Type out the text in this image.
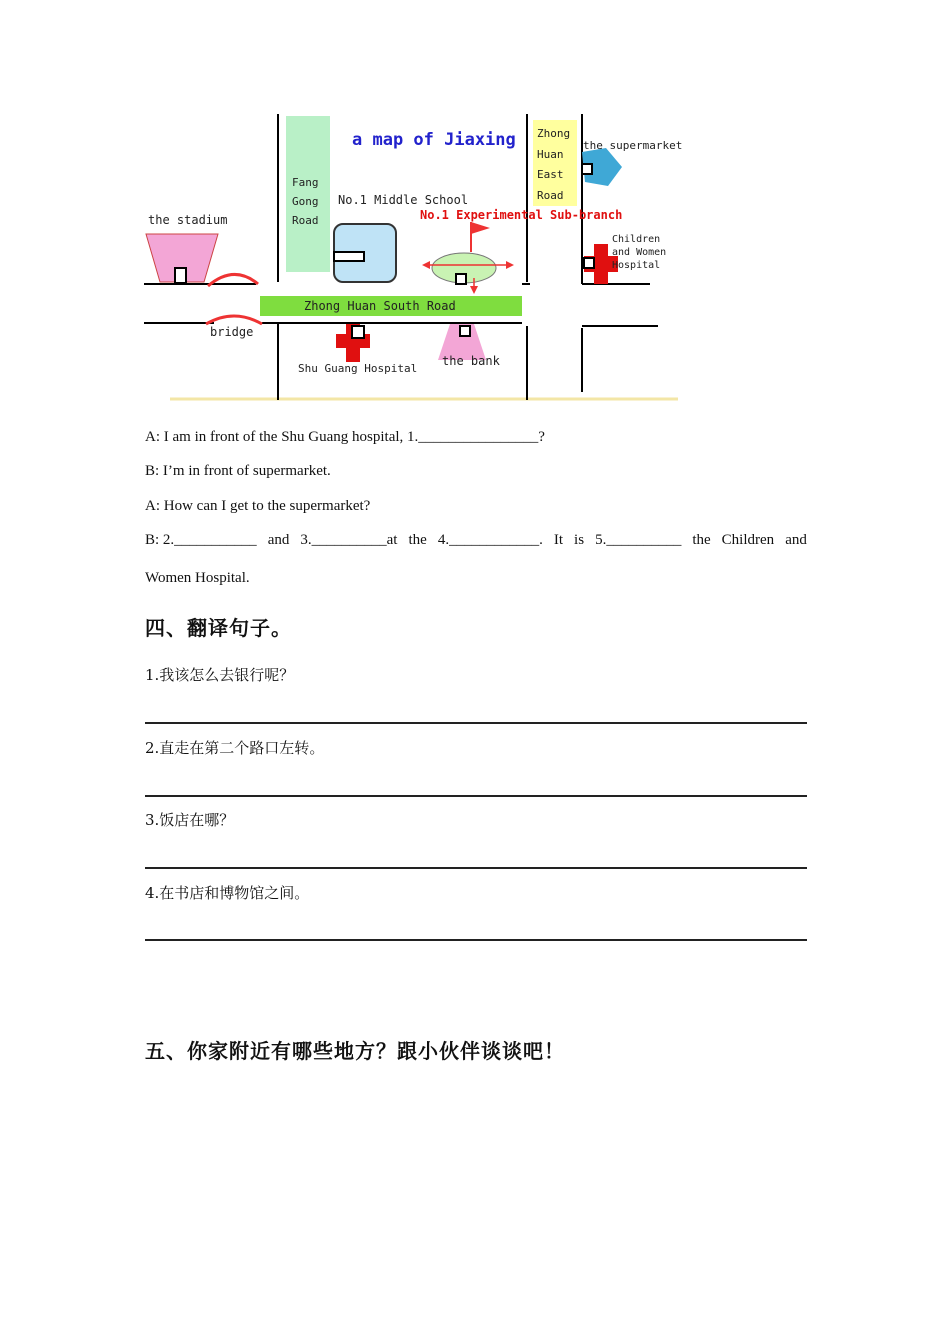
Fang
Gong
Road
Zhong
Huan
East
Road
Zhong Huan South Road
a map of Jiaxing
the stadium
bridge
No.1 Middle School
No.1 Experimental Sub-branch
the supermarket
Children
and Women
Hospital
Shu Guang Hospital
the bank
A: I am in front of the Shu Guang hospital, 1.________________?
B: I’m in front of supermarket.
A: How can I get to the supermarket?
B: 2.___________ and 3.__________at the 4.____________. It is 5.__________ the Children and
Women Hospital.
四、翻译句子。
1.我该怎么去银行呢？
2.直走在第二个路口左转。
3.饭店在哪？
4.在书店和博物馆之间。
五、你家附近有哪些地方？跟小伙伴谈谈吧！
